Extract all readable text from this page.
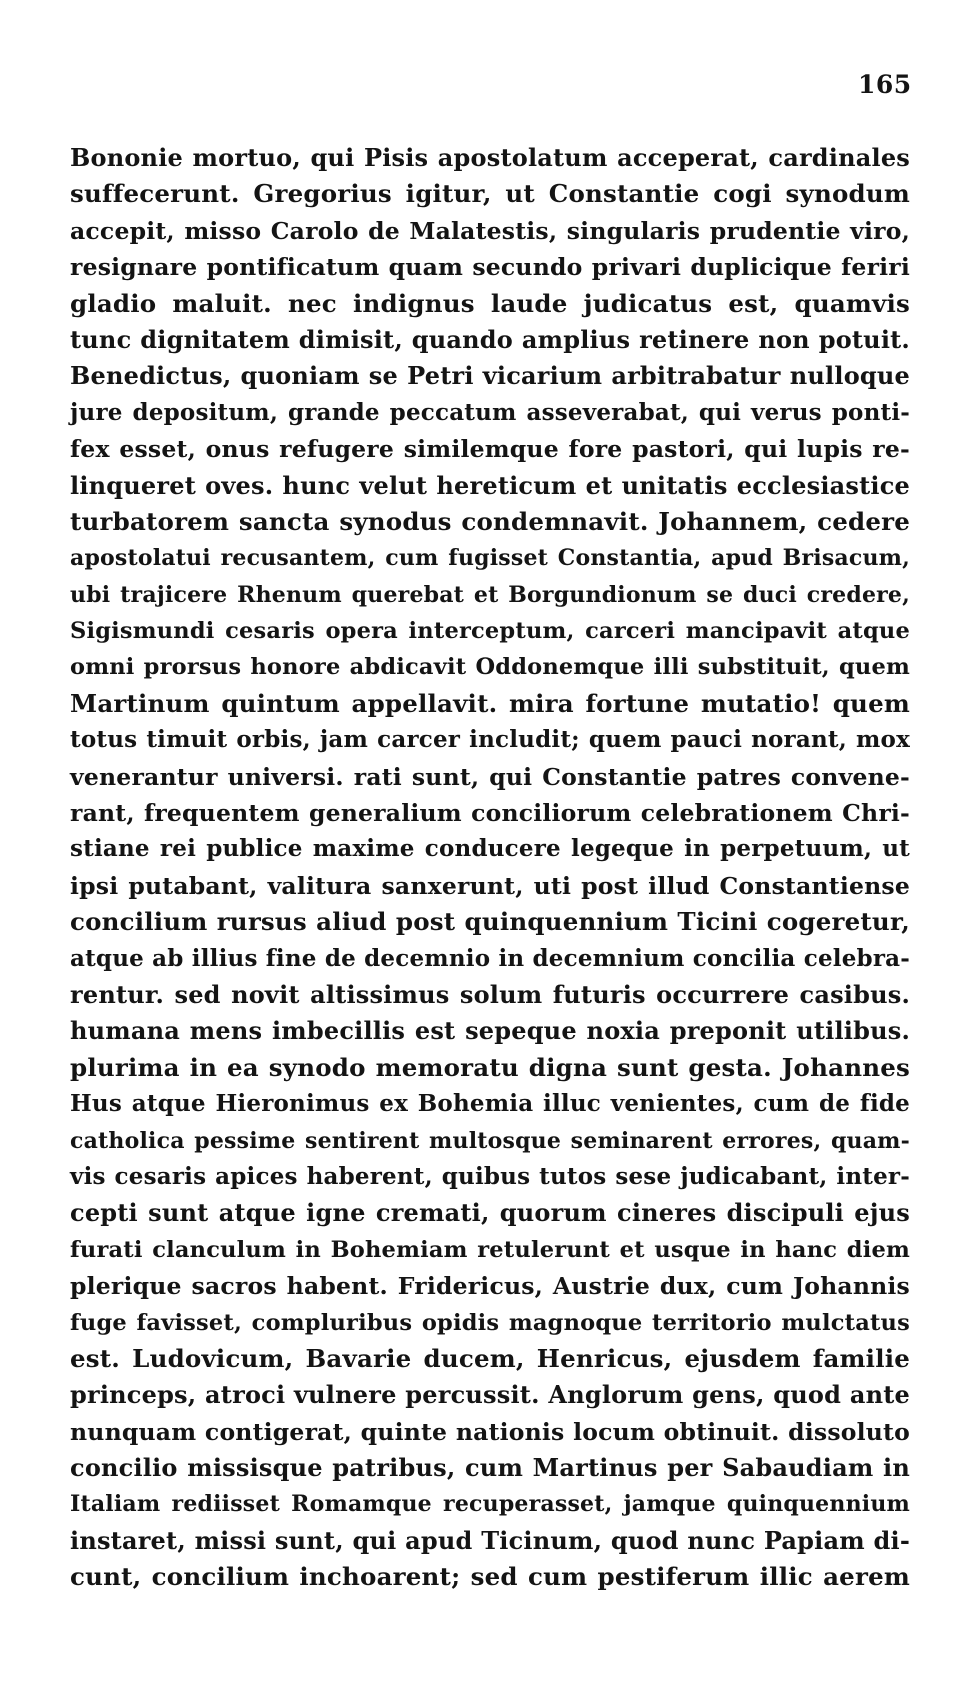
165
Bononie mortuo, qui Pisis apostolatum acceperat, cardinales
suffecerunt. Gregorius igitur, ut Constantie cogi synodum
accepit, misso Carolo de Malatestis, singularis prudentie viro,
resignare pontificatum quam secundo privari duplicique feriri
gladio maluit. nec indignus laude judicatus est, quamvis
tunc dignitatem dimisit, quando amplius retinere non potuit.
Benedictus, quoniam se Petri vicarium arbitrabatur nulloque
jure depositum, grande peccatum asseverabat, qui verus ponti-
fex esset, onus refugere similemque fore pastori, qui lupis re-
linqueret oves. hunc velut hereticum et unitatis ecclesiastice
turbatorem sancta synodus condemnavit. Johannem, cedere
apostolatui recusantem, cum fugisset Constantia, apud Brisacum,
ubi trajicere Rhenum querebat et Borgundionum se duci credere,
Sigismundi cesaris opera interceptum, carceri mancipavit atque
omni prorsus honore abdicavit Oddonemque illi substituit, quem
Martinum quintum appellavit. mira fortune mutatio! quem
totus timuit orbis, jam carcer includit; quem pauci norant, mox
venerantur universi. rati sunt, qui Constantie patres convene-
rant, frequentem generalium conciliorum celebrationem Chri-
stiane rei publice maxime conducere legeque in perpetuum, ut
ipsi putabant, valitura sanxerunt, uti post illud Constantiense
concilium rursus aliud post quinquennium Ticini cogeretur,
atque ab illius fine de decemnio in decemnium concilia celebra-
rentur. sed novit altissimus solum futuris occurrere casibus.
humana mens imbecillis est sepeque noxia preponit utilibus.
plurima in ea synodo memoratu digna sunt gesta. Johannes
Hus atque Hieronimus ex Bohemia illuc venientes, cum de fide
catholica pessime sentirent multosque seminarent errores, quam-
vis cesaris apices haberent, quibus tutos sese judicabant, inter-
cepti sunt atque igne cremati, quorum cineres discipuli ejus
furati clanculum in Bohemiam retulerunt et usque in hanc diem
plerique sacros habent. Fridericus, Austrie dux, cum Johannis
fuge favisset, compluribus opidis magnoque territorio mulctatus
est. Ludovicum, Bavarie ducem, Henricus, ejusdem familie
princeps, atroci vulnere percussit. Anglorum gens, quod ante
nunquam contigerat, quinte nationis locum obtinuit. dissoluto
concilio missisque patribus, cum Martinus per Sabaudiam in
Italiam rediisset Romamque recuperasset, jamque quinquennium
instaret, missi sunt, qui apud Ticinum, quod nunc Papiam di-
cunt, concilium inchoarent; sed cum pestiferum illic aerem
